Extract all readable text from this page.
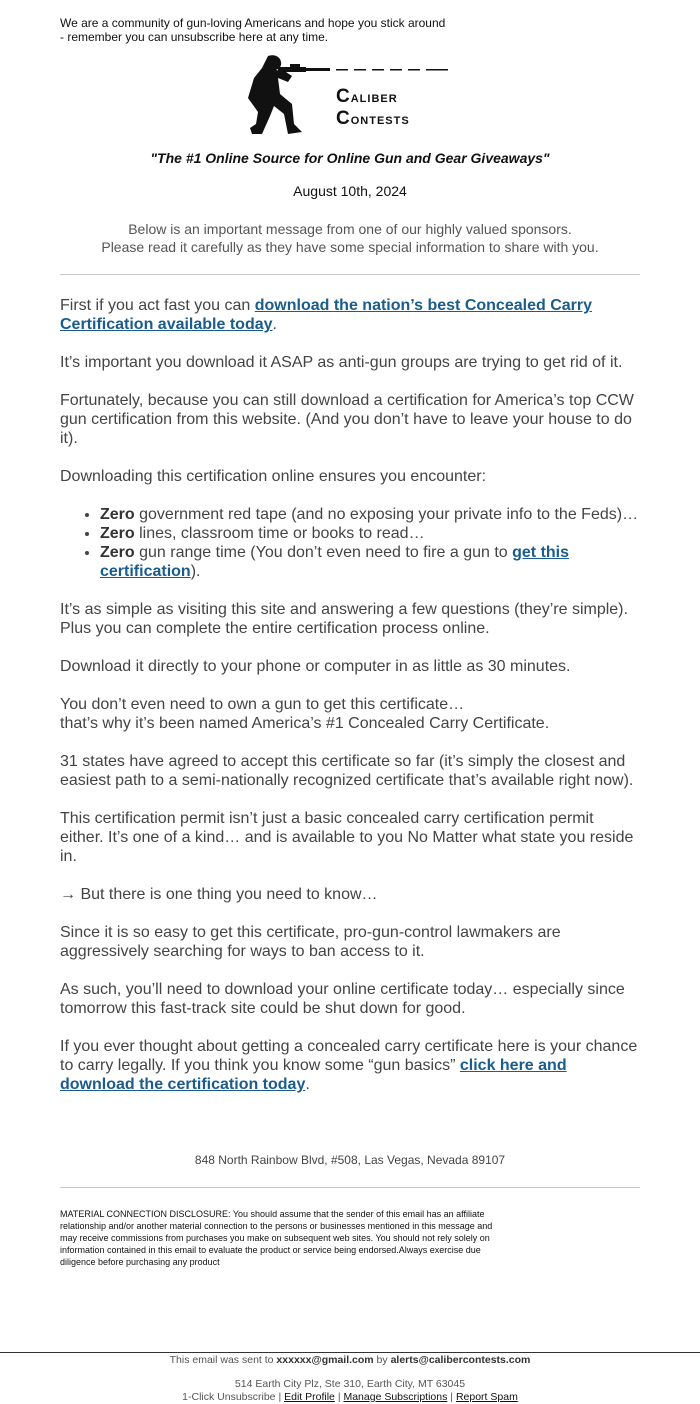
We are a community of gun-loving Americans and hope you stick around
- remember you can unsubscribe here at any time.
Caliber
Contests
"The #1 Online Source for Online Gun and Gear Giveaways"
August 10th, 2024
Below is an important message from one of our highly valued sponsors.
Please read it carefully as they have some special information to share with you.

First if you act fast you can download the nation’s best Concealed Carry Certification available today.

It’s important you download it ASAP as anti-gun groups are trying to get rid of it.

Fortunately, because you can still download a certification for America’s top CCW gun certification from this website. (And you don’t have to leave your house to do it).

Downloading this certification online ensures you encounter:

• Zero government red tape (and no exposing your private info to the Feds)…
• Zero lines, classroom time or books to read…
• Zero gun range time (You don’t even need to fire a gun to get this certification).

It’s as simple as visiting this site and answering a few questions (they’re simple). Plus you can complete the entire certification process online.

Download it directly to your phone or computer in as little as 30 minutes.

You don’t even need to own a gun to get this certificate…
that’s why it’s been named America’s #1 Concealed Carry Certificate.

31 states have agreed to accept this certificate so far (it’s simply the closest and easiest path to a semi-nationally recognized certificate that’s available right now).

This certification permit isn’t just a basic concealed carry certification permit either. It’s one of a kind… and is available to you No Matter what state you reside in.

→ But there is one thing you need to know…

Since it is so easy to get this certificate, pro-gun-control lawmakers are aggressively searching for ways to ban access to it.

As such, you’ll need to download your online certificate today… especially since tomorrow this fast-track site could be shut down for good.

If you ever thought about getting a concealed carry certificate here is your chance to carry legally. If you think you know some “gun basics” click here and download the certification today.

848 North Rainbow Blvd, #508, Las Vegas, Nevada 89107
MATERIAL CONNECTION DISCLOSURE: You should assume that the sender of this email has an affiliate relationship and/or another material connection to the persons or businesses mentioned in this message and may receive commissions from purchases you make on subsequent web sites. You should not rely solely on information contained in this email to evaluate the product or service being endorsed.Always exercise due diligence before purchasing any product
This email was sent to xxxxxx@gmail.com by alerts@calibercontests.com
514 Earth City Plz, Ste 310, Earth City, MT 63045
1-Click Unsubscribe | Edit Profile | Manage Subscriptions | Report Spam
